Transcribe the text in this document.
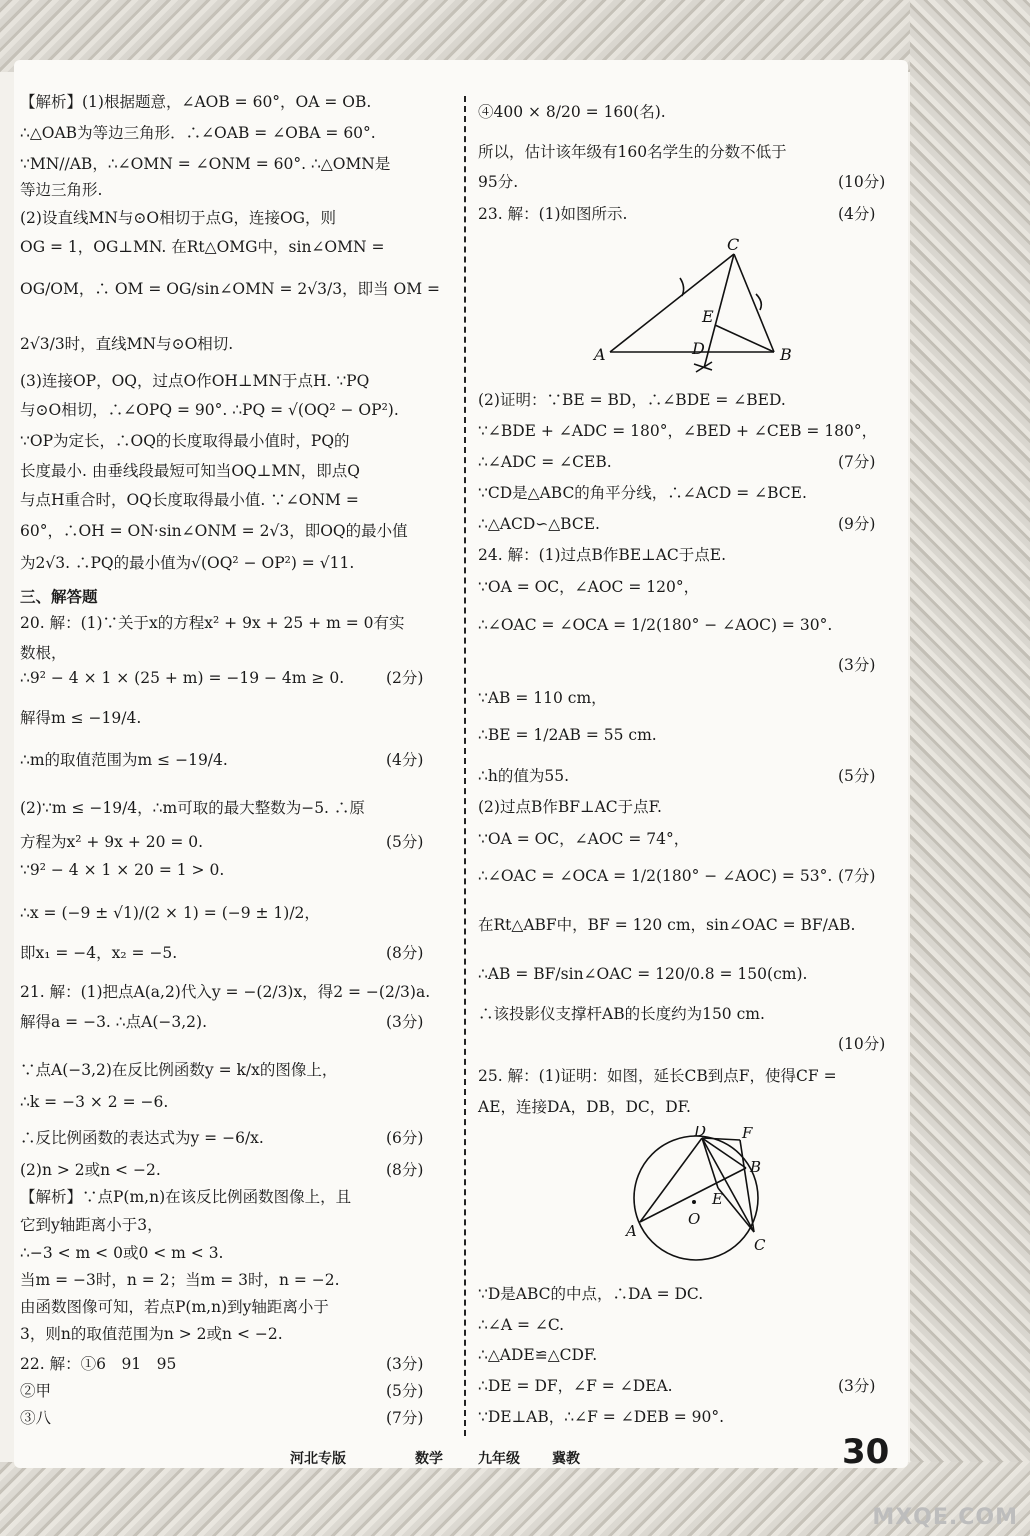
【解析】(1)根据题意，∠AOB = 60°，OA = OB.
∴△OAB为等边三角形．∴∠OAB = ∠OBA = 60°.
∵MN//AB，∴∠OMN = ∠ONM = 60°. ∴△OMN是
等边三角形.
(2)设直线MN与⊙O相切于点G，连接OG，则
OG = 1，OG⊥MN. 在Rt△OMG中，sin∠OMN =
OG/OM，∴ OM = OG/sin∠OMN = 2√3/3，即当 OM =
2√3/3时，直线MN与⊙O相切.
(3)连接OP，OQ，过点O作OH⊥MN于点H. ∵PQ
与⊙O相切，∴∠OPQ = 90°. ∴PQ = √(OQ² − OP²).
∵OP为定长，∴OQ的长度取得最小值时，PQ的
长度最小. 由垂线段最短可知当OQ⊥MN，即点Q
与点H重合时，OQ长度取得最小值. ∵∠ONM =
60°，∴OH = ON·sin∠ONM = 2√3，即OQ的最小值
为2√3. ∴PQ的最小值为√(OQ² − OP²) = √11.
三、解答题
20. 解：(1)∵关于x的方程x² + 9x + 25 + m = 0有实
数根，
∴9² − 4 × 1 × (25 + m) = −19 − 4m ≥ 0.
解得m ≤ −19/4.
∴m的取值范围为m ≤ −19/4.
(2)∵m ≤ −19/4，∴m可取的最大整数为−5. ∴原
方程为x² + 9x + 20 = 0.
∵9² − 4 × 1 × 20 = 1 > 0.
∴x = (−9 ± √1)/(2 × 1) = (−9 ± 1)/2，
即x₁ = −4，x₂ = −5.
21. 解：(1)把点A(a,2)代入y = −(2/3)x，得2 = −(2/3)a.
解得a = −3. ∴点A(−3,2).
∵点A(−3,2)在反比例函数y = k/x的图像上，
∴k = −3 × 2 = −6.
∴反比例函数的表达式为y = −6/x.
(2)n > 2或n < −2.
【解析】∵点P(m,n)在该反比例函数图像上，且
它到y轴距离小于3，
∴−3 < m < 0或0 < m < 3.
当m = −3时，n = 2；当m = 3时，n = −2.
由函数图像可知，若点P(m,n)到y轴距离小于
3，则n的取值范围为n > 2或n < −2.
22. 解：①6　91　95
②甲
③八
(2分)
(4分)
(5分)
(8分)
(3分)
(6分)
(8分)
(3分)
(5分)
(7分)
④400 × 8/20 = 160(名).
所以，估计该年级有160名学生的分数不低于
95分.
23. 解：(1)如图所示.
(2)证明：∵BE = BD，∴∠BDE = ∠BED.
∵∠BDE + ∠ADC = 180°，∠BED + ∠CEB = 180°，
∴∠ADC = ∠CEB.
∵CD是△ABC的角平分线，∴∠ACD = ∠BCE.
∴△ACD∽△BCE.
24. 解：(1)过点B作BE⊥AC于点E.
∵OA = OC，∠AOC = 120°，
∴∠OAC = ∠OCA = 1/2(180° − ∠AOC) = 30°.
∵AB = 110 cm，
∴BE = 1/2AB = 55 cm.
∴h的值为55.
(2)过点B作BF⊥AC于点F.
∵OA = OC，∠AOC = 74°，
∴∠OAC = ∠OCA = 1/2(180° − ∠AOC) = 53°.
在Rt△ABF中，BF = 120 cm，sin∠OAC = BF/AB.
∴AB = BF/sin∠OAC = 120/0.8 = 150(cm).
∴该投影仪支撑杆AB的长度约为150 cm.
25. 解：(1)证明：如图，延长CB到点F，使得CF =
AE，连接DA，DB，DC，DF.
∵D是ABC的中点，∴DA = DC.
∴∠A = ∠C.
∴△ADE≌△CDF.
∴DE = DF，∠F = ∠DEA.
∵DE⊥AB，∴∠F = ∠DEB = 90°.
(10分)
(4分)
(7分)
(9分)
(3分)
(5分)
(7分)
(10分)
(3分)
C
E
A	D	B
D F
B
E
A
O
C
河北专版	数学	九年级 冀教	30
MXQE.COM
